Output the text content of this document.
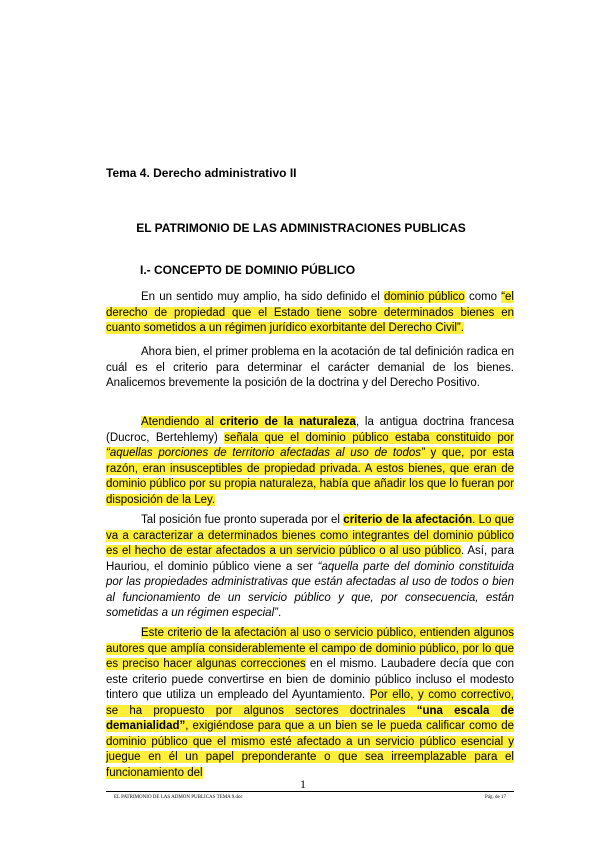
Tema 4. Derecho administrativo II
EL PATRIMONIO DE LAS ADMINISTRACIONES PUBLICAS
I.- CONCEPTO DE DOMINIO PÚBLICO

En un sentido muy amplio, ha sido definido el dominio público como “el derecho de propiedad que el Estado tiene sobre determinados bienes en cuanto sometidos a un régimen jurídico exorbitante del Derecho Civil”.

Ahora bien, el primer problema en la acotación de tal definición radica en cuál es el criterio para determinar el carácter demanial de los bienes. Analicemos brevemente la posición de la doctrina y del Derecho Positivo.

Atendiendo al criterio de la naturaleza, la antigua doctrina francesa (Ducroc, Bertehlemy) señala que el dominio público estaba constituido por “aquellas porciones de territorio afectadas al uso de todos” y que, por esta razón, eran insusceptibles de propiedad privada. A estos bienes, que eran de dominio público por su propia naturaleza, había que añadir los que lo fueran por disposición de la Ley.

Tal posición fue pronto superada por el criterio de la afectación. Lo que va a caracterizar a determinados bienes como integrantes del dominio público es el hecho de estar afectados a un servicio público o al uso público. Así, para Hauriou, el dominio público viene a ser “aquella parte del dominio constituida por las propiedades administrativas que están afectadas al uso de todos o bien al funcionamiento de un servicio público y que, por consecuencia, están sometidas a un régimen especial”.

Este criterio de la afectación al uso o servicio público, entienden algunos autores que amplía considerablemente el campo de dominio público, por lo que es preciso hacer algunas correcciones en el mismo. Laubadere decía que con este criterio puede convertirse en bien de dominio público incluso el modesto tintero que utiliza un empleado del Ayuntamiento. Por ello, y como correctivo, se ha propuesto por algunos sectores doctrinales “una escala de demanialidad”, exigiéndose para que a un bien se le pueda calificar como de dominio público que el mismo esté afectado a un servicio público esencial y juegue en él un papel preponderante o que sea irreemplazable para el funcionamiento del

1
EL PATRIMONIO DE LAS ADMON PUBLICAS TEMA 9.doc	Pág. de 17
